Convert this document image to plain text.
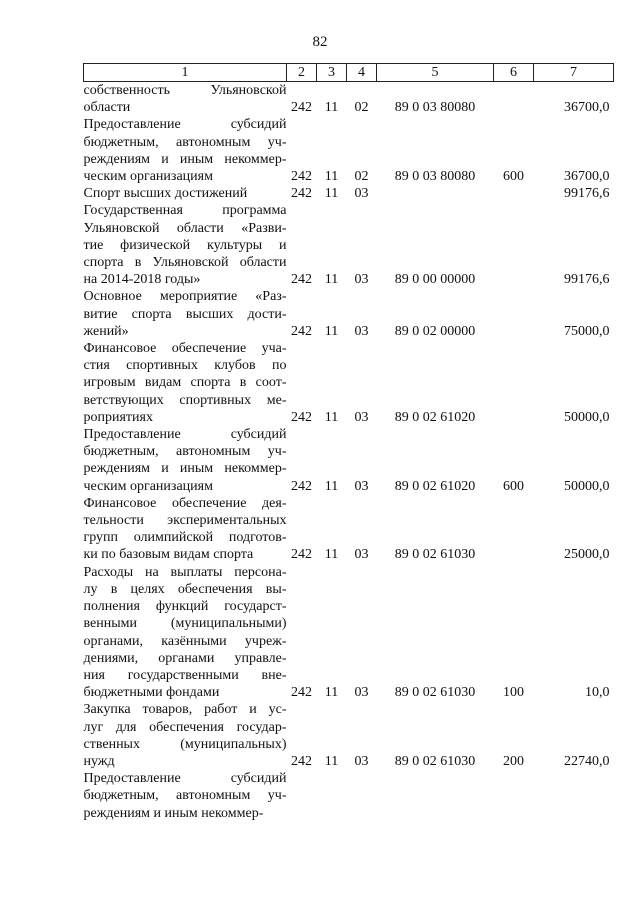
82
1	2	3	4	5	6	7
собственность Ульяновской						
области	242	11	02	89 0 03 80080		36700,0
Предоставление субсидий						
бюджетным, автономным уч-						
реждениям и иным некоммер-						
ческим организациям	242	11	02	89 0 03 80080	600	36700,0
Спорт высших достижений	242	11	03			99176,6
Государственная программа						
Ульяновской области «Разви-						
тие физической культуры и						
спорта в Ульяновской области						
на 2014-2018 годы»	242	11	03	89 0 00 00000		99176,6
Основное мероприятие «Раз-						
витие спорта высших дости-						
жений»	242	11	03	89 0 02 00000		75000,0
Финансовое обеспечение уча-						
стия спортивных клубов по						
игровым видам спорта в соот-						
ветствующих спортивных ме-						
роприятиях	242	11	03	89 0 02 61020		50000,0
Предоставление субсидий						
бюджетным, автономным уч-						
реждениям и иным некоммер-						
ческим организациям	242	11	03	89 0 02 61020	600	50000,0
Финансовое обеспечение дея-						
тельности экспериментальных						
групп олимпийской подготов-						
ки по базовым видам спорта	242	11	03	89 0 02 61030		25000,0
Расходы на выплаты персона-						
лу в целях обеспечения вы-						
полнения функций государст-						
венными (муниципальными)						
органами, казёнными учреж-						
дениями, органами управле-						
ния государственными вне-						
бюджетными фондами	242	11	03	89 0 02 61030	100	10,0
Закупка товаров, работ и ус-						
луг для обеспечения государ-						
ственных (муниципальных)						
нужд	242	11	03	89 0 02 61030	200	22740,0
Предоставление субсидий						
бюджетным, автономным уч-						
реждениям и иным некоммер-						
